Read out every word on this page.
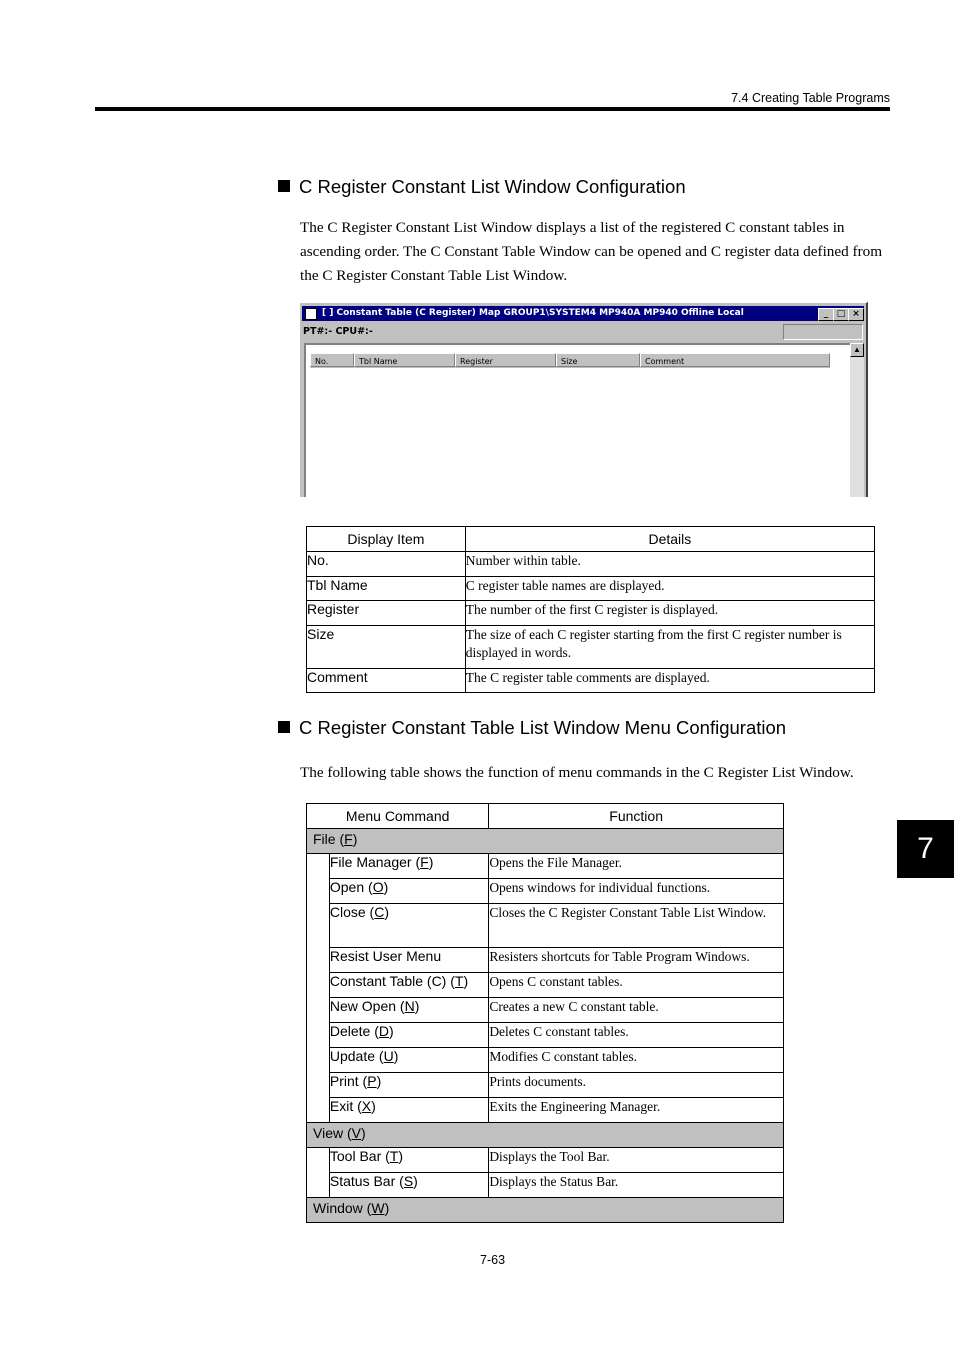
7.4 Creating Table Programs
C Register Constant List Window Configuration
The C Register Constant List Window displays a list of the registered C constant tables in ascending order. The C Constant Table Window can be opened and C register data defined from the C Register Constant Table List Window.
[ ] Constant Table (C Register) Map GROUP1\SYSTEM4 MP940A MP940 Offline Local	_ □ ×
PT#:- CPU#:-
No.	Tbl Name	Register	Size	Comment
▲
Display Item	Details
No.	Number within table.
Tbl Name	C register table names are displayed.
Register	The number of the first C register is displayed.
Size	The size of each C register starting from the first C register number is displayed in words.
Comment	The C register table comments are displayed.
C Register Constant Table List Window Menu Configuration
The following table shows the function of menu commands in the C Register List Window.
Menu Command		Function
File (F)		
	File Manager (F)	Opens the File Manager.
	Open (O)	Opens windows for individual functions.
	Close (C)	Closes the C Register Constant Table List Window.
	Resist User Menu	Resisters shortcuts for Table Program Windows.
	Constant Table (C) (T)	Opens C constant tables.
	New Open (N)	Creates a new C constant table.
	Delete (D)	Deletes C constant tables.
	Update (U)	Modifies C constant tables.
	Print (P)	Prints documents.
	Exit (X)	Exits the Engineering Manager.
View (V)		
	Tool Bar (T)	Displays the Tool Bar.
	Status Bar (S)	Displays the Status Bar.
Window (W)		
7
7-63
